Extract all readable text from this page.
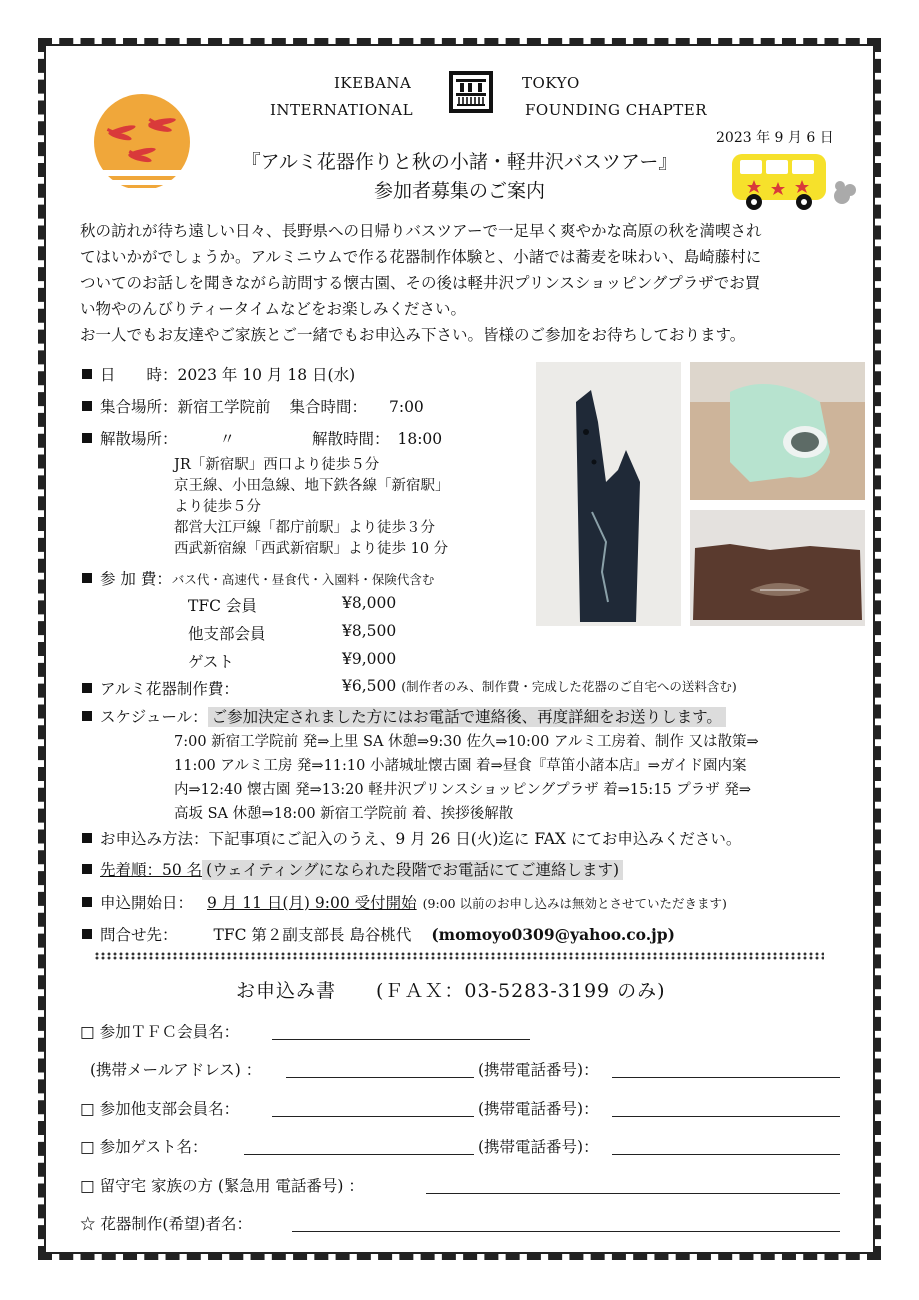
IKEBANA
INTERNATIONAL
TOKYO
FOUNDING CHAPTER
『アルミ花器作りと秋の小諸・軽井沢バスツアー』
参加者募集のご案内
2023 年 9 月 6 日

秋の訪れが待ち遠しい日々、長野県への日帰りバスツアーで一足早く爽やかな高原の秋を満喫され

てはいかがでしょうか。アルミニウムで作る花器制作体験と、小諸では蕎麦を味わい、島崎藤村に

ついてのお話しを聞きながら訪問する懐古園、その後は軽井沢プリンスショッピングプラザでお買

い物やのんびりティータイムなどをお楽しみください。

お一人でもお友達やご家族とご一緒でもお申込み下さい。皆様のご参加をお待ちしております。

日　　時：2023 年 10 月 18 日(水)
集合場所：新宿工学院前 集合時間： 7:00
解散場所：	〃	解散時間： 18:00
JR「新宿駅」西口より徒歩５分
京王線、小田急線、地下鉄各線「新宿駅」
より徒歩５分
都営大江戸線「都庁前駅」より徒歩３分
西武新宿線「西武新宿駅」より徒歩 10 分
参 加 費：バス代・高速代・昼食代・入園料・保険代含む
TFC 会員	¥8,000
他支部会員	¥8,500
ゲスト	¥9,000
アルミ花器制作費：	¥6,500 (制作者のみ、制作費・完成した花器のご自宅への送料含む)
スケジュール： ご参加決定されました方にはお電話で連絡後、再度詳細をお送りします。
7:00 新宿工学院前 発⇒上里 SA 休憩⇒9:30 佐久⇒10:00 アルミ工房着、制作 又は散策⇒
11:00 アルミ工房 発⇒11:10 小諸城址懐古園 着⇒昼食『草笛小諸本店』⇒ガイド園内案
内⇒12:40 懐古園 発⇒13:20 軽井沢プリンスショッピングプラザ 着⇒15:15 プラザ 発⇒
高坂 SA 休憩⇒18:00 新宿工学院前 着、挨拶後解散
お申込み方法：下記事項にご記入のうえ、9 月 26 日(火)迄に FAX にてお申込みください。
先着順：50 名 (ウェイティングになられた段階でお電話にてご連絡します)
申込開始日： 9 月 11 日(月) 9:00 受付開始 (9:00 以前のお申し込みは無効とさせていただきます)
問合せ先： TFC 第２副支部長 島谷桃代 (momoyo0309@yahoo.co.jp)
お申込み書　　(ＦＡＸ：03-5283-3199 のみ)
□ 参加ＴＦＣ会員名：
(携帯メールアドレス) ：	(携帯電話番号)：
□ 参加他支部会員名：	(携帯電話番号)：
□ 参加ゲスト名：	(携帯電話番号)：
□ 留守宅 家族の方 (緊急用 電話番号) ：
☆ 花器制作(希望)者名：
